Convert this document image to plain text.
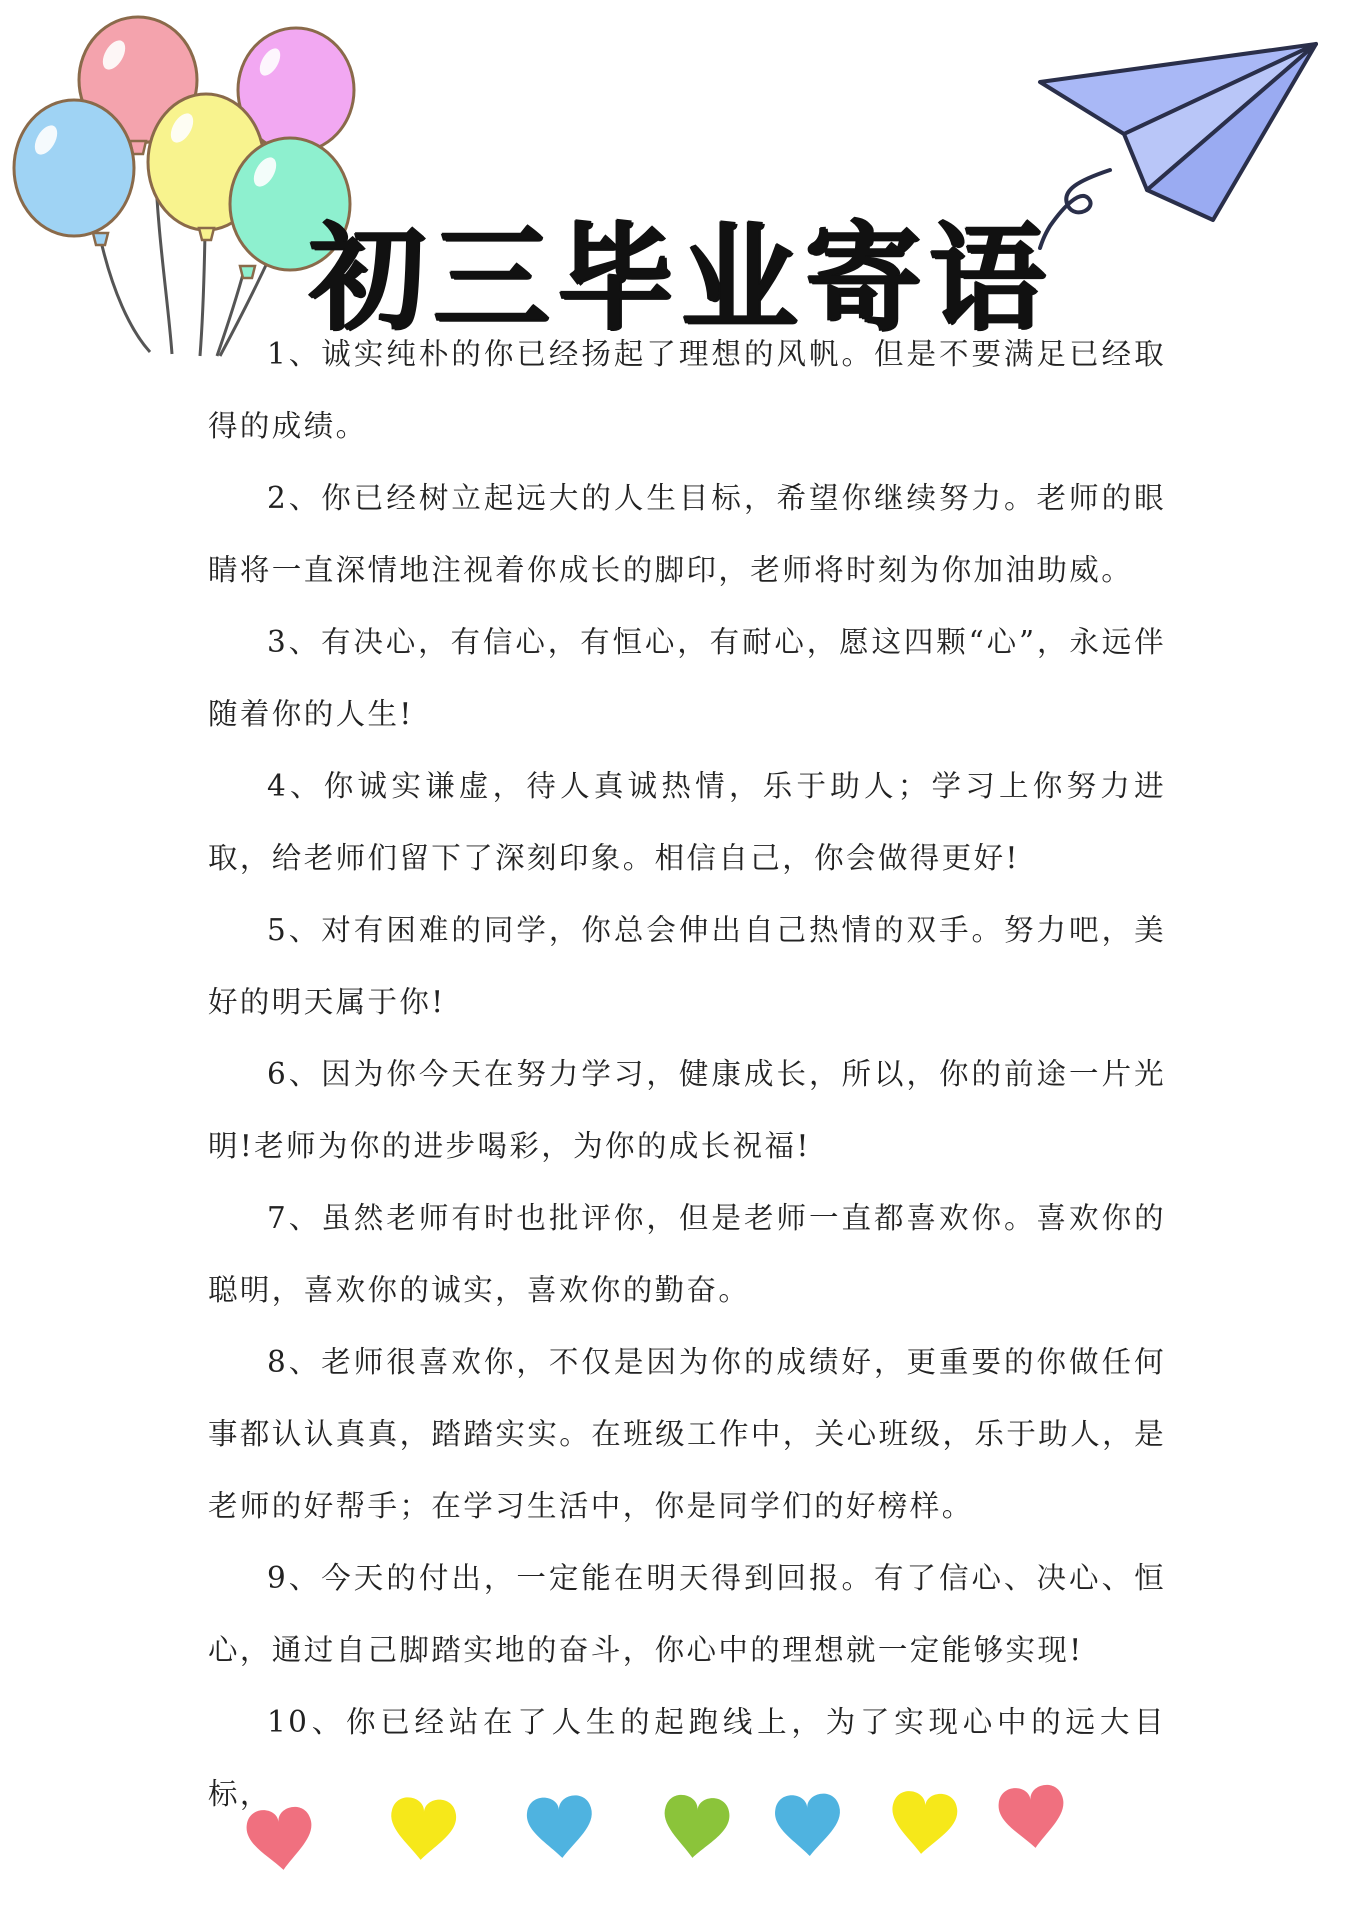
初三毕业寄语

1、诚实纯朴的你已经扬起了理想的风帆。但是不要满足已经取得的成绩。

2、你已经树立起远大的人生目标，希望你继续努力。老师的眼睛将一直深情地注视着你成长的脚印，老师将时刻为你加油助威。

3、有决心，有信心，有恒心，有耐心，愿这四颗“心”，永远伴随着你的人生!

4、你诚实谦虚，待人真诚热情，乐于助人；学习上你努力进取，给老师们留下了深刻印象。相信自己，你会做得更好!

5、对有困难的同学，你总会伸出自己热情的双手。努力吧，美好的明天属于你!

6、因为你今天在努力学习，健康成长，所以，你的前途一片光明!老师为你的进步喝彩，为你的成长祝福!

7、虽然老师有时也批评你，但是老师一直都喜欢你。喜欢你的聪明，喜欢你的诚实，喜欢你的勤奋。

8、老师很喜欢你，不仅是因为你的成绩好，更重要的你做任何事都认认真真，踏踏实实。在班级工作中，关心班级，乐于助人，是老师的好帮手；在学习生活中，你是同学们的好榜样。

9、今天的付出，一定能在明天得到回报。有了信心、决心、恒心，通过自己脚踏实地的奋斗，你心中的理想就一定能够实现!

10、你已经站在了人生的起跑线上，为了实现心中的远大目标，
